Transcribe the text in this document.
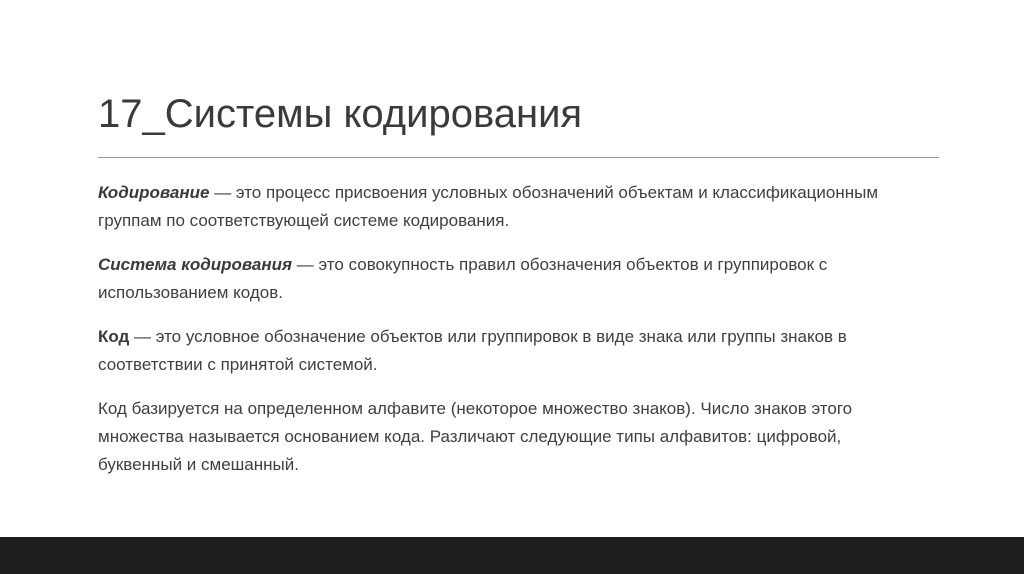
17_Системы кодирования

Кодирование — это процесс присвоения условных обозначений объектам и классификационным группам по соответствующей системе кодирования.

Система кодирования — это совокупность правил обозначения объектов и группировок с использованием кодов.

Код — это условное обозначение объектов или группировок в виде знака или группы знаков в соответствии с принятой системой.

Код базируется на определенном алфавите (некоторое множество знаков). Число знаков этого множества называется основанием кода. Различают следующие типы алфавитов: цифровой, буквенный и смешанный.
